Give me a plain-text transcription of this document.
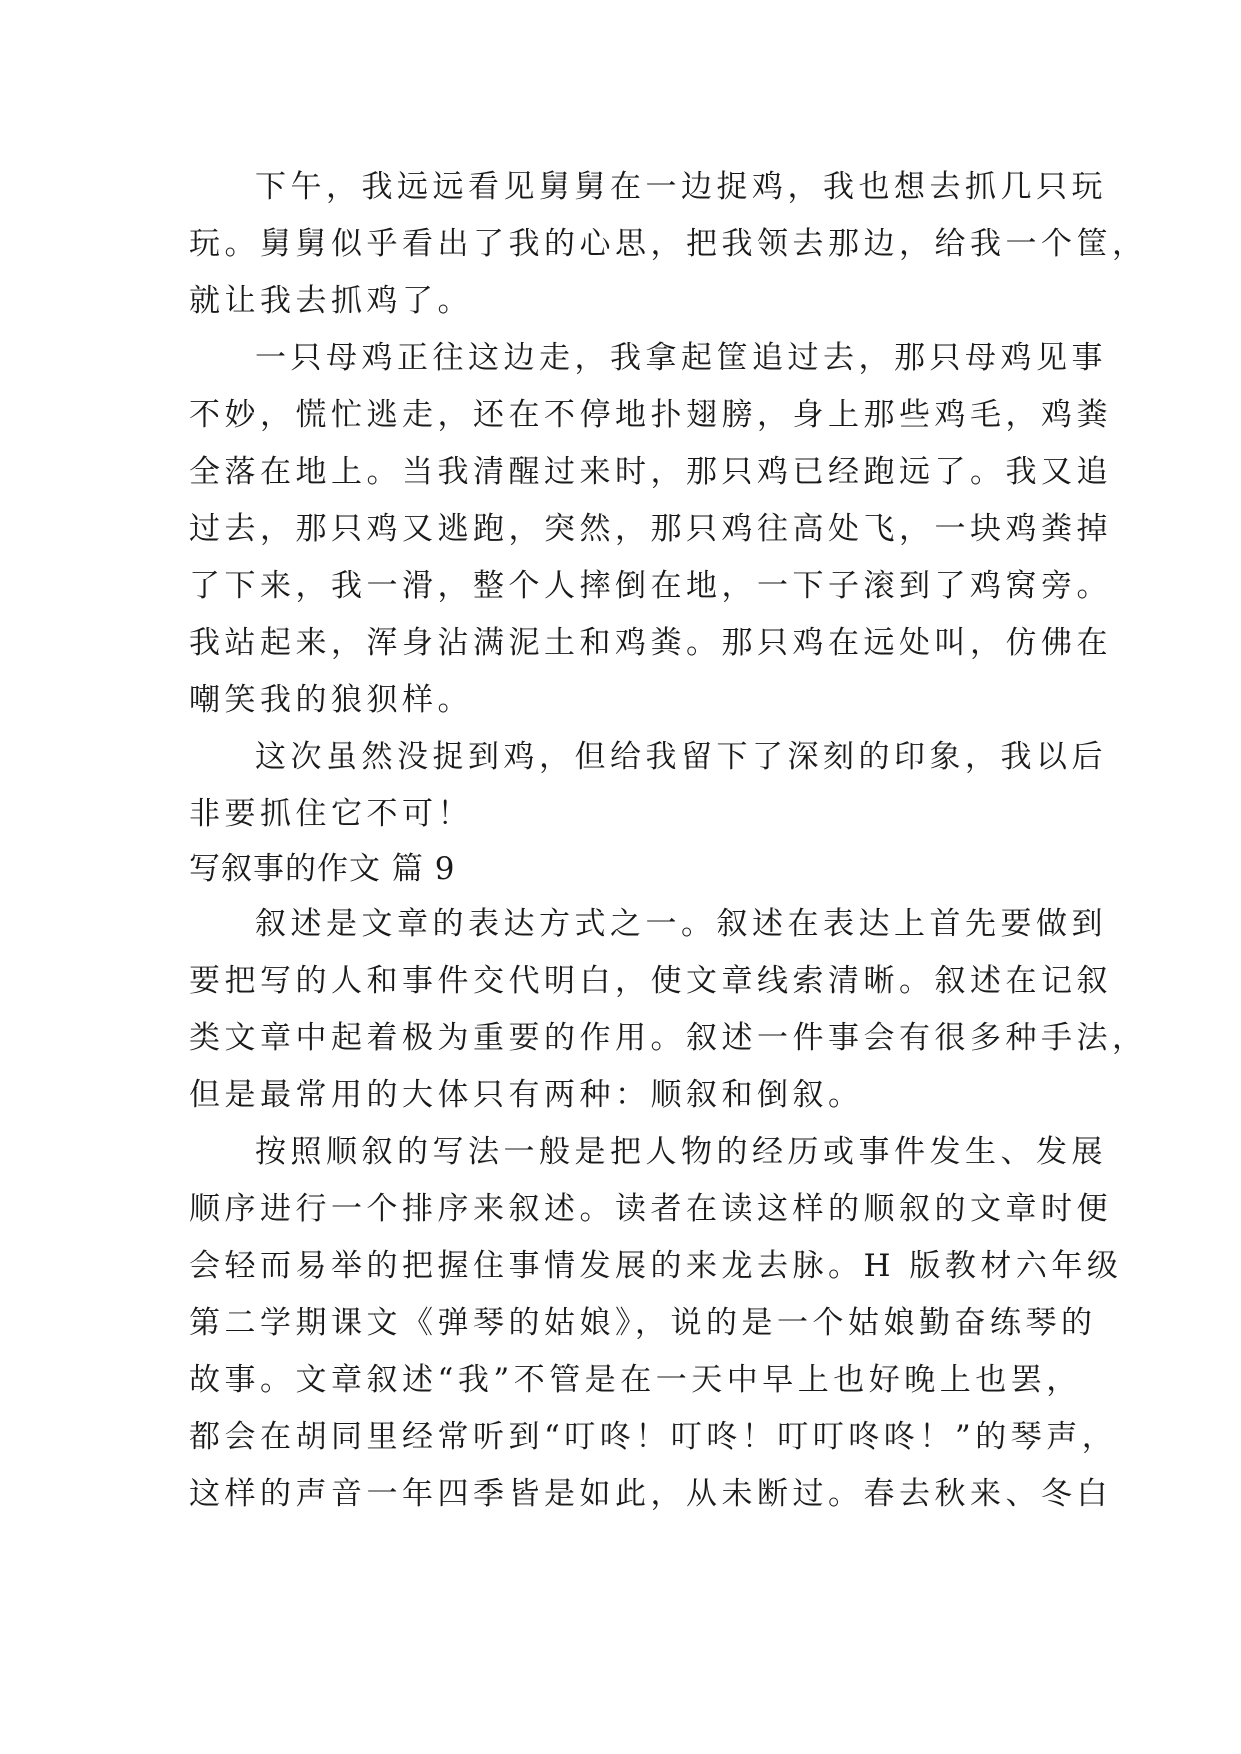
下午，我远远看见舅舅在一边捉鸡，我也想去抓几只玩
玩。舅舅似乎看出了我的心思，把我领去那边，给我一个筐，
就让我去抓鸡了。
一只母鸡正往这边走，我拿起筐追过去，那只母鸡见事
不妙，慌忙逃走，还在不停地扑翅膀，身上那些鸡毛，鸡粪
全落在地上。当我清醒过来时，那只鸡已经跑远了。我又追
过去，那只鸡又逃跑，突然，那只鸡往高处飞，一块鸡粪掉
了下来，我一滑，整个人摔倒在地，一下子滚到了鸡窝旁。
我站起来，浑身沾满泥土和鸡粪。那只鸡在远处叫，仿佛在
嘲笑我的狼狈样。
这次虽然没捉到鸡，但给我留下了深刻的印象，我以后
非要抓住它不可！
写叙事的作文 篇 9
叙述是文章的表达方式之一。叙述在表达上首先要做到
要把写的人和事件交代明白，使文章线索清晰。叙述在记叙
类文章中起着极为重要的作用。叙述一件事会有很多种手法，
但是最常用的大体只有两种：顺叙和倒叙。
按照顺叙的写法一般是把人物的经历或事件发生、发展
顺序进行一个排序来叙述。读者在读这样的顺叙的文章时便
会轻而易举的把握住事情发展的来龙去脉。H 版教材六年级
第二学期课文《弹琴的姑娘》，说的是一个姑娘勤奋练琴的
故事。文章叙述“我”不管是在一天中早上也好晚上也罢，
都会在胡同里经常听到“叮咚！叮咚！叮叮咚咚！”的琴声，
这样的声音一年四季皆是如此，从未断过。春去秋来、冬白
